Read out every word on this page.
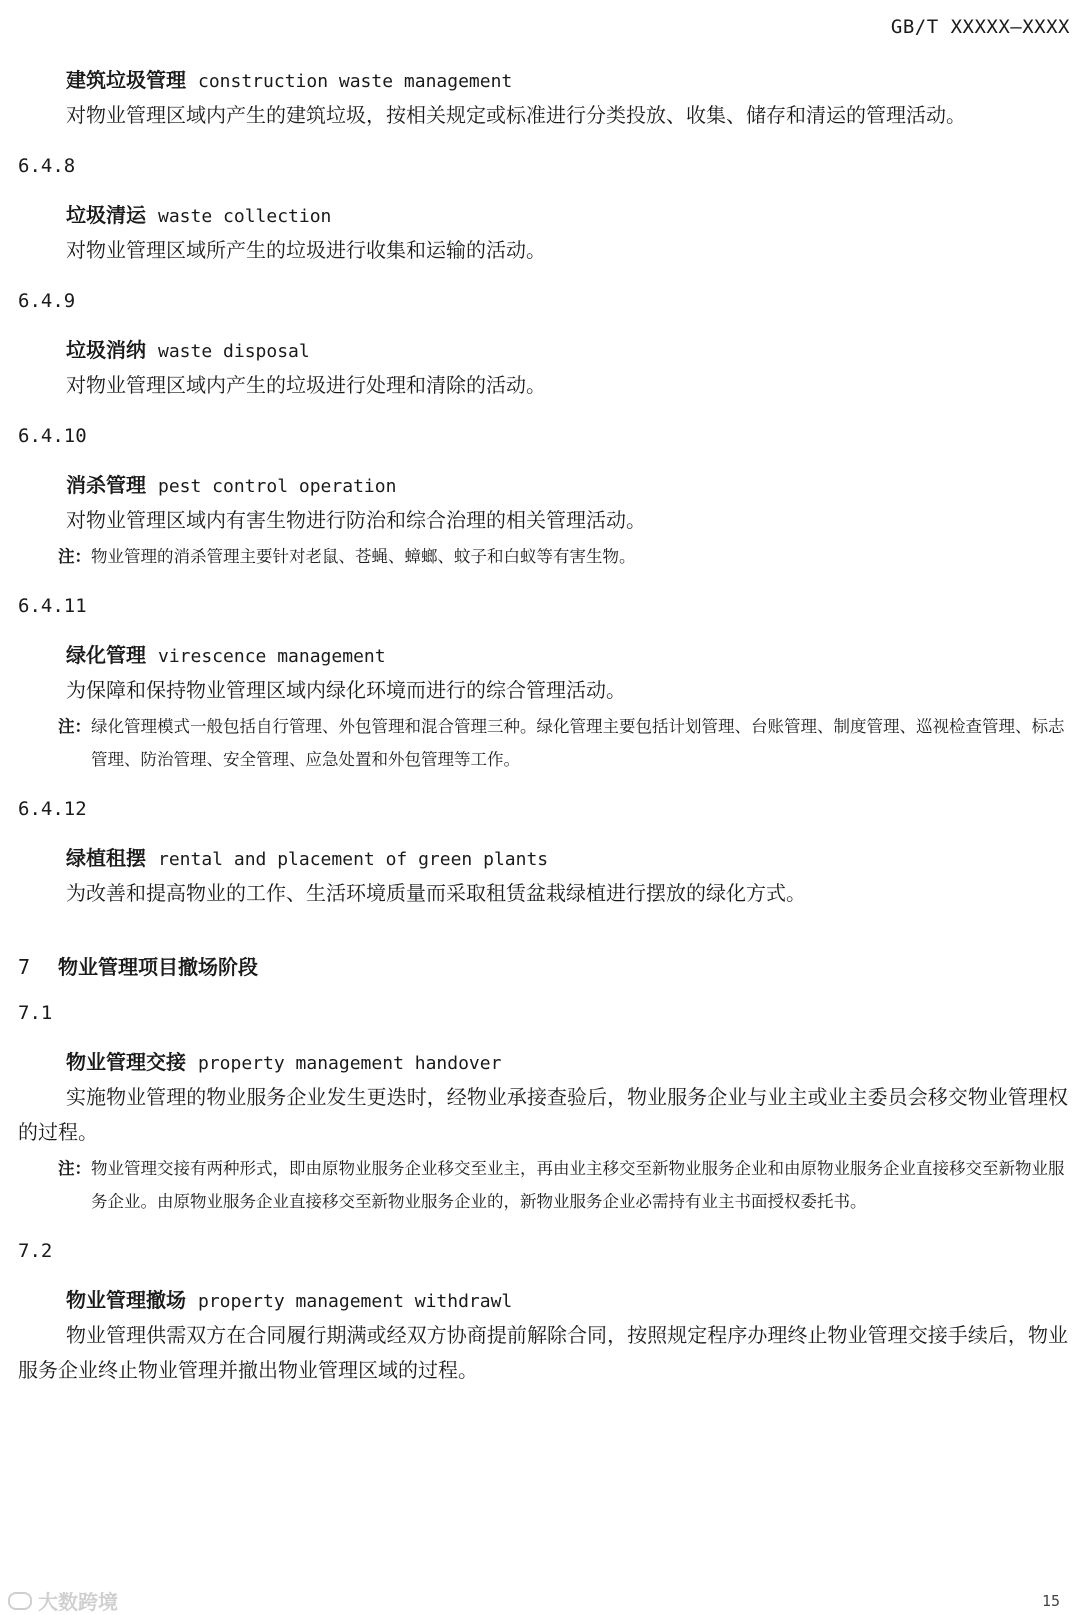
GB/T XXXXX—XXXX
建筑垃圾管理 construction waste management

对物业管理区域内产生的建筑垃圾，按相关规定或标准进行分类投放、收集、储存和清运的管理活动。

6.4.8
垃圾清运 waste collection

对物业管理区域所产生的垃圾进行收集和运输的活动。

6.4.9
垃圾消纳 waste disposal

对物业管理区域内产生的垃圾进行处理和清除的活动。

6.4.10
消杀管理 pest control operation

对物业管理区域内有害生物进行防治和综合治理的相关管理活动。

注： 物业管理的消杀管理主要针对老鼠、苍蝇、蟑螂、蚊子和白蚁等有害生物。
6.4.11
绿化管理 virescence management

为保障和保持物业管理区域内绿化环境而进行的综合管理活动。

注： 绿化管理模式一般包括自行管理、外包管理和混合管理三种。绿化管理主要包括计划管理、台账管理、制度管理、巡视检查管理、标志管理、防治管理、安全管理、应急处置和外包管理等工作。
6.4.12
绿植租摆 rental and placement of green plants

为改善和提高物业的工作、生活环境质量而采取租赁盆栽绿植进行摆放的绿化方式。

7 物业管理项目撤场阶段
7.1
物业管理交接 property management handover

实施物业管理的物业服务企业发生更迭时，经物业承接查验后，物业服务企业与业主或业主委员会移交物业管理权的过程。

注： 物业管理交接有两种形式，即由原物业服务企业移交至业主，再由业主移交至新物业服务企业和由原物业服务企业直接移交至新物业服务企业。由原物业服务企业直接移交至新物业服务企业的，新物业服务企业必需持有业主书面授权委托书。
7.2
物业管理撤场 property management withdrawl

物业管理供需双方在合同履行期满或经双方协商提前解除合同，按照规定程序办理终止物业管理交接手续后，物业服务企业终止物业管理并撤出物业管理区域的过程。

大数跨境	15
